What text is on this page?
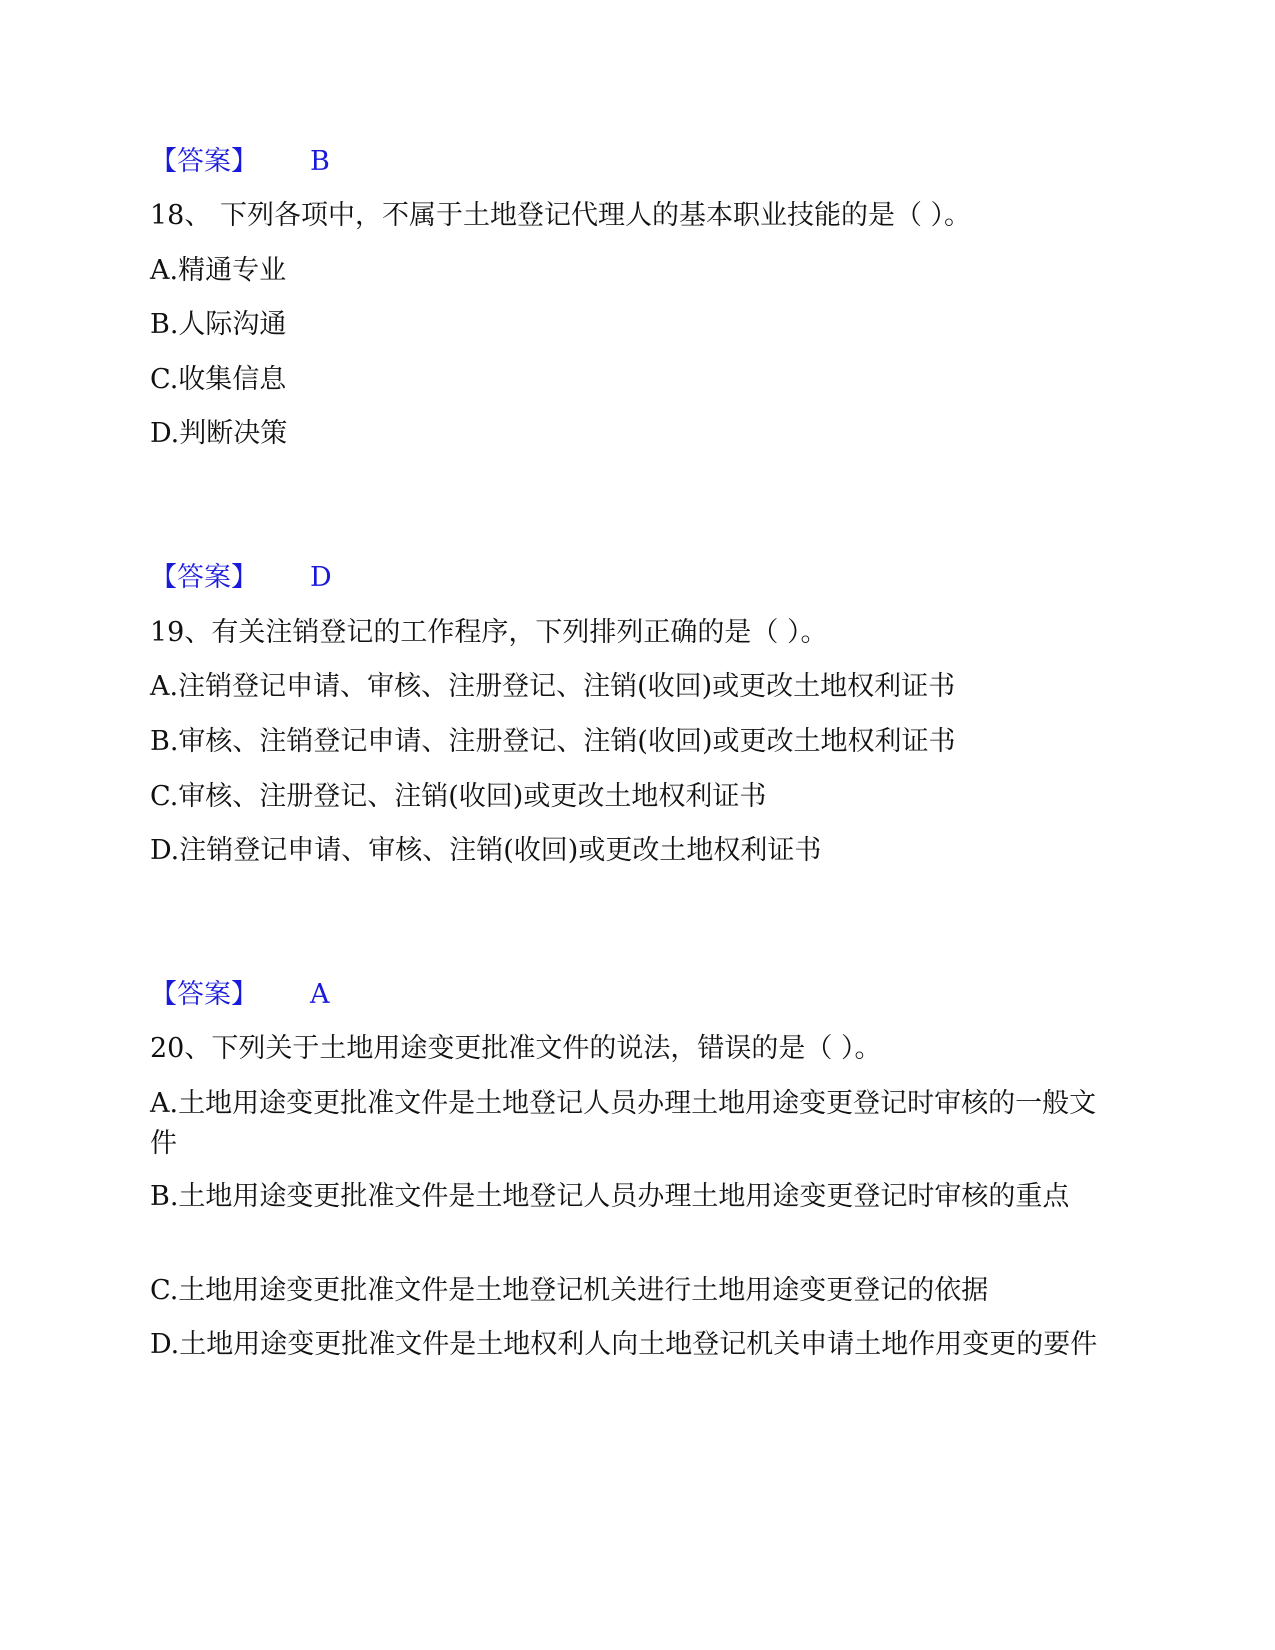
【答案】 B
18、 下列各项中，不属于土地登记代理人的基本职业技能的是（ ）。
A.精通专业
B.人际沟通
C.收集信息
D.判断决策
【答案】 D
19、有关注销登记的工作程序，下列排列正确的是（ ）。
A.注销登记申请、审核、注册登记、注销(收回)或更改土地权利证书
B.审核、注销登记申请、注册登记、注销(收回)或更改土地权利证书
C.审核、注册登记、注销(收回)或更改土地权利证书
D.注销登记申请、审核、注销(收回)或更改土地权利证书
【答案】 A
20、下列关于土地用途变更批准文件的说法，错误的是（ ）。
A.土地用途变更批准文件是土地登记人员办理土地用途变更登记时审核的一般文件
B.土地用途变更批准文件是土地登记人员办理土地用途变更登记时审核的重点
C.土地用途变更批准文件是土地登记机关进行土地用途变更登记的依据
D.土地用途变更批准文件是土地权利人向土地登记机关申请土地作用变更的要件
